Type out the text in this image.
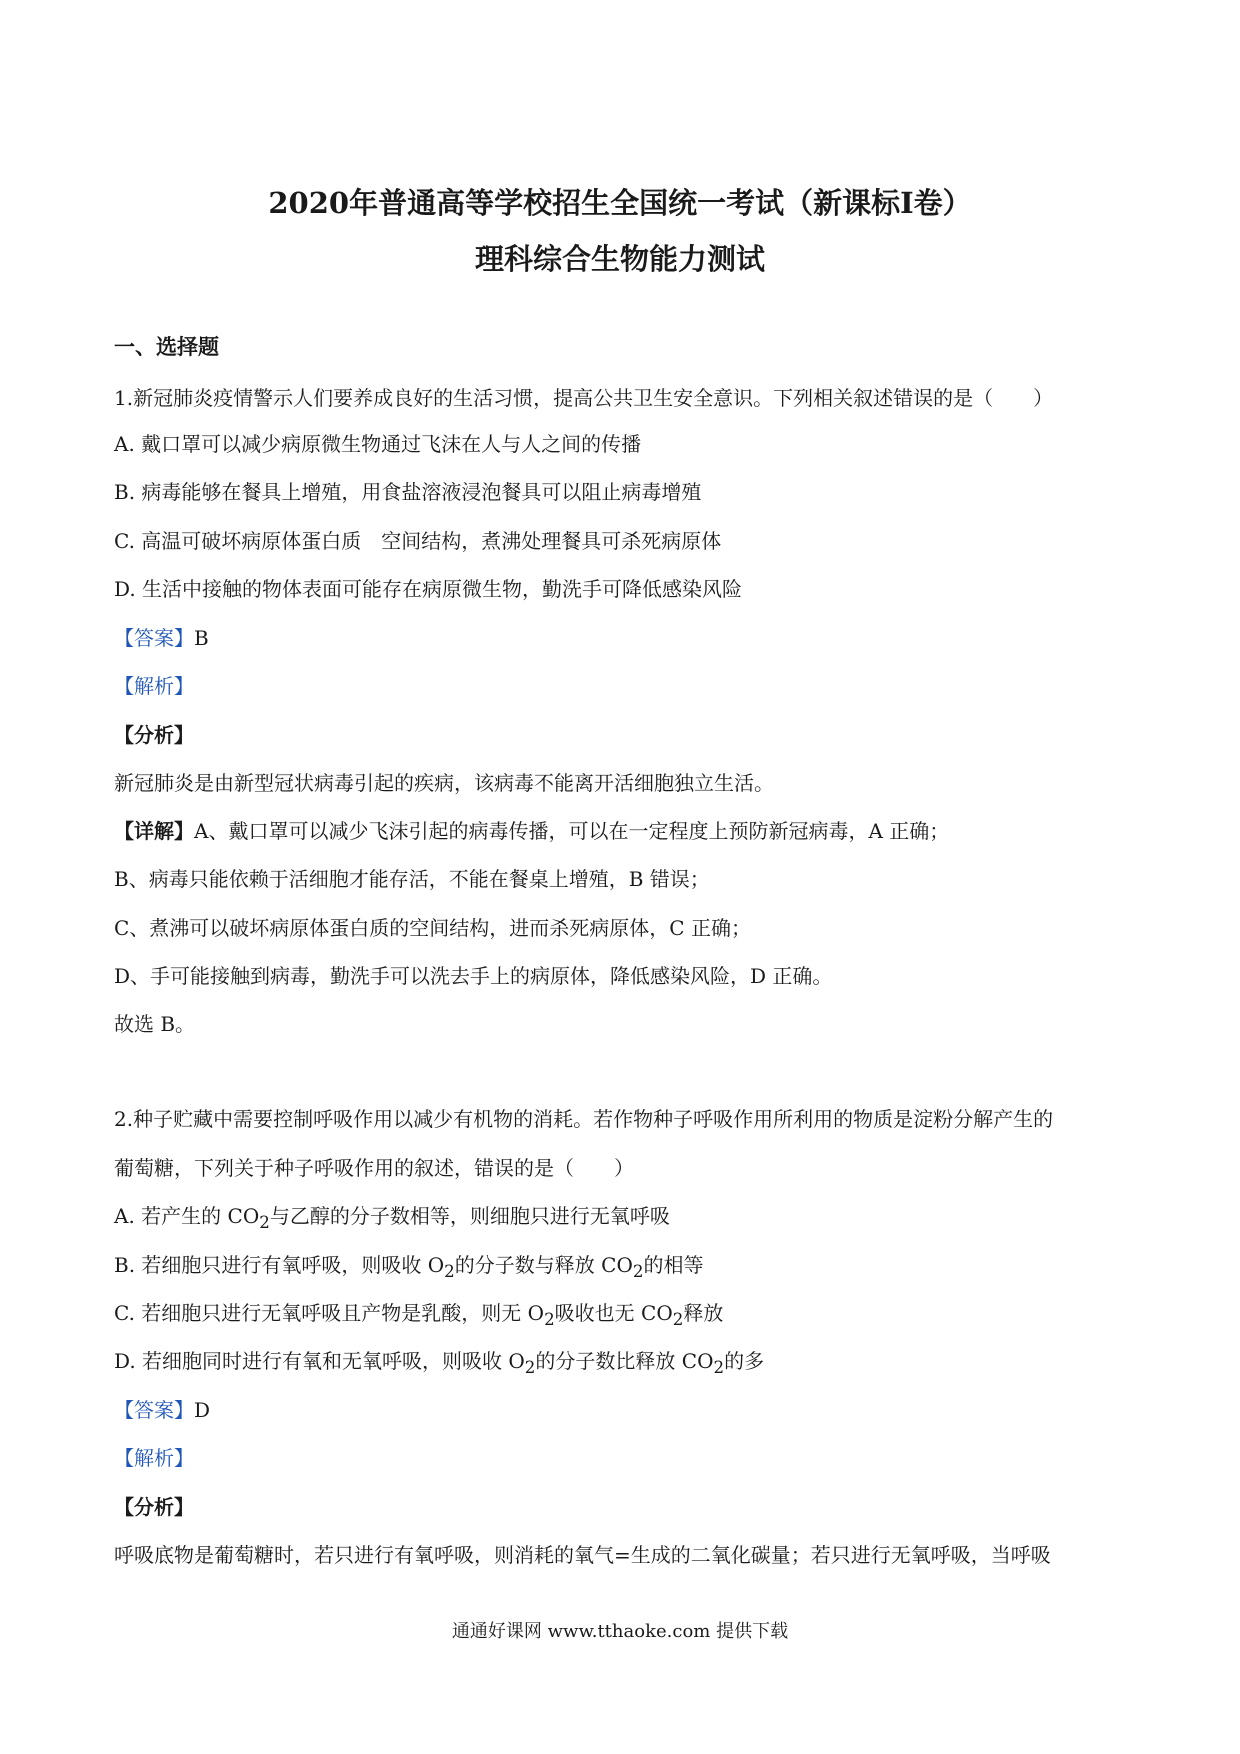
2020年普通高等学校招生全国统一考试（新课标Ⅰ卷）
理科综合生物能力测试
一、选择题
1.新冠肺炎疫情警示人们要养成良好的生活习惯，提高公共卫生安全意识。下列相关叙述错误的是（　　）
A. 戴口罩可以减少病原微生物通过飞沫在人与人之间的传播
B. 病毒能够在餐具上增殖，用食盐溶液浸泡餐具可以阻止病毒增殖
C. 高温可破坏病原体蛋白质　空间结构，煮沸处理餐具可杀死病原体
D. 生活中接触的物体表面可能存在病原微生物，勤洗手可降低感染风险
【答案】B
【解析】
【分析】
新冠肺炎是由新型冠状病毒引起的疾病，该病毒不能离开活细胞独立生活。
【详解】A、戴口罩可以减少飞沫引起的病毒传播，可以在一定程度上预防新冠病毒，A 正确；
B、病毒只能依赖于活细胞才能存活，不能在餐桌上增殖，B 错误；
C、煮沸可以破坏病原体蛋白质的空间结构，进而杀死病原体，C 正确；
D、手可能接触到病毒，勤洗手可以洗去手上的病原体，降低感染风险，D 正确。
故选 B。
2.种子贮藏中需要控制呼吸作用以减少有机物的消耗。若作物种子呼吸作用所利用的物质是淀粉分解产生的
葡萄糖，下列关于种子呼吸作用的叙述，错误的是（　　）
A. 若产生的 $CO_2$与乙醇的分子数相等，则细胞只进行无氧呼吸
B. 若细胞只进行有氧呼吸，则吸收 $O_2$的分子数与释放 $CO_2$的相等
C. 若细胞只进行无氧呼吸且产物是乳酸，则无 $O_2$吸收也无 $CO_2$释放
D. 若细胞同时进行有氧和无氧呼吸，则吸收 $O_2$的分子数比释放 $CO_2$的多
【答案】D
【解析】
【分析】
呼吸底物是葡萄糖时，若只进行有氧呼吸，则消耗的氧气=生成的二氧化碳量；若只进行无氧呼吸，当呼吸
通通好课网 www.tthaoke.com 提供下载
